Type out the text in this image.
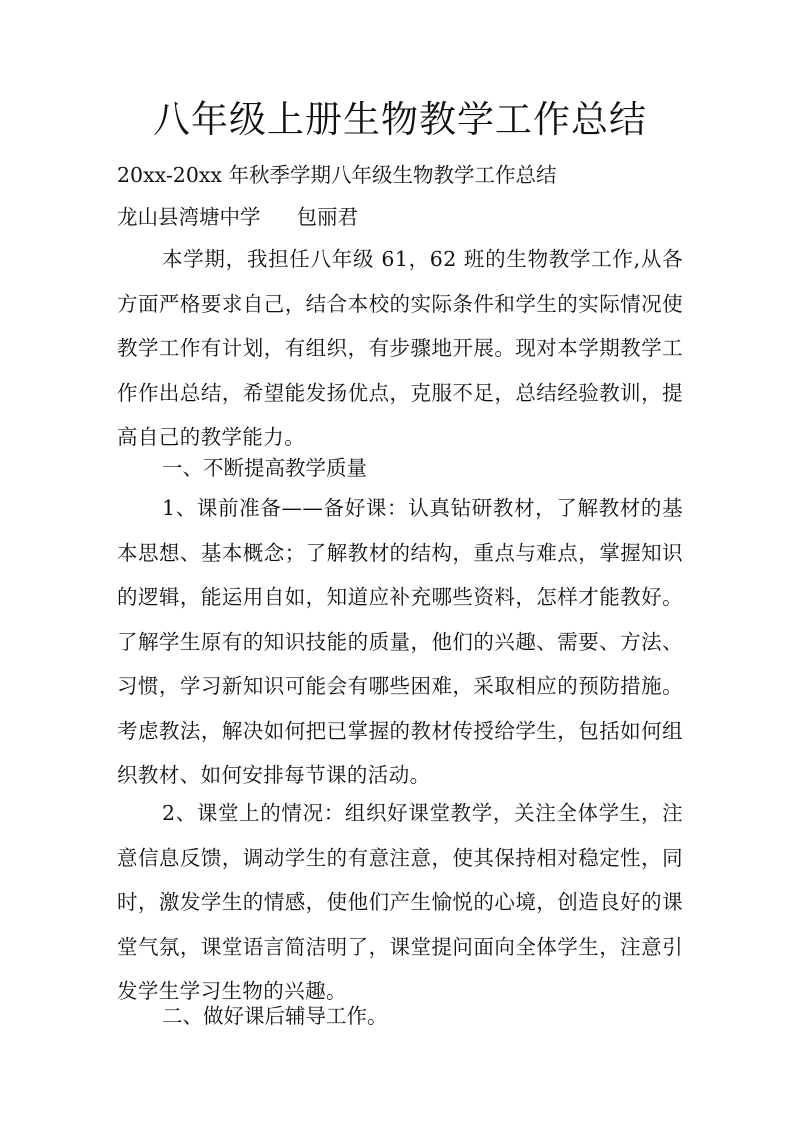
八年级上册生物教学工作总结

20xx-20xx 年秋季学期八年级生物教学工作总结

龙山县湾塘中学 包丽君

本学期，我担任八年级 61，62 班的生物教学工作,从各方面严格要求自己，结合本校的实际条件和学生的实际情况使教学工作有计划，有组织，有步骤地开展。现对本学期教学工作作出总结，希望能发扬优点，克服不足，总结经验教训，提高自己的教学能力。

一、不断提高教学质量

1、课前准备——备好课：认真钻研教材，了解教材的基本思想、基本概念；了解教材的结构，重点与难点，掌握知识的逻辑，能运用自如，知道应补充哪些资料，怎样才能教好。了解学生原有的知识技能的质量，他们的兴趣、需要、方法、习惯，学习新知识可能会有哪些困难，采取相应的预防措施。考虑教法，解决如何把已掌握的教材传授给学生，包括如何组织教材、如何安排每节课的活动。

2、课堂上的情况：组织好课堂教学，关注全体学生，注意信息反馈，调动学生的有意注意，使其保持相对稳定性，同时，激发学生的情感，使他们产生愉悦的心境，创造良好的课堂气氛，课堂语言简洁明了，课堂提问面向全体学生，注意引发学生学习生物的兴趣。

二、做好课后辅导工作。
